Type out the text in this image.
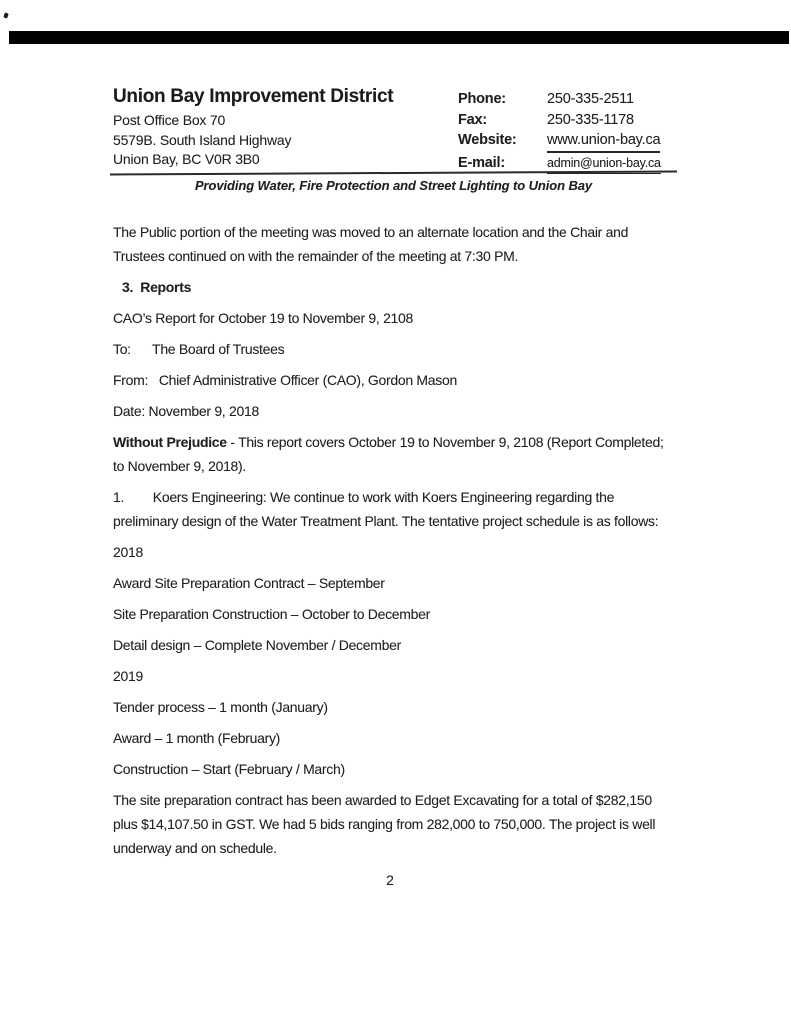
Union Bay Improvement District
Post Office Box 70
5579B. South Island Highway
Union Bay, BC V0R 3B0
Phone:	250-335-2511
Fax:	250-335-1178
Website:	www.union-bay.ca
E-mail:	admin@union-bay.ca
Providing Water, Fire Protection and Street Lighting to Union Bay
The Public portion of the meeting was moved to an alternate location and the Chair and
Trustees continued on with the remainder of the meeting at 7:30 PM.
3.  Reports
CAO’s Report for October 19 to November 9, 2108
To:      The Board of Trustees
From:   Chief Administrative Officer (CAO), Gordon Mason
Date: November 9, 2018
Without Prejudice - This report covers October 19 to November 9, 2108 (Report Completed;
to November 9, 2018).
1.        Koers Engineering: We continue to work with Koers Engineering regarding the
preliminary design of the Water Treatment Plant. The tentative project schedule is as follows:
2018
Award Site Preparation Contract – September
Site Preparation Construction – October to December
Detail design – Complete November / December
2019
Tender process – 1 month (January)
Award – 1 month (February)
Construction – Start (February / March)
The site preparation contract has been awarded to Edget Excavating for a total of $282,150
plus $14,107.50 in GST. We had 5 bids ranging from 282,000 to 750,000. The project is well
underway and on schedule.
2
